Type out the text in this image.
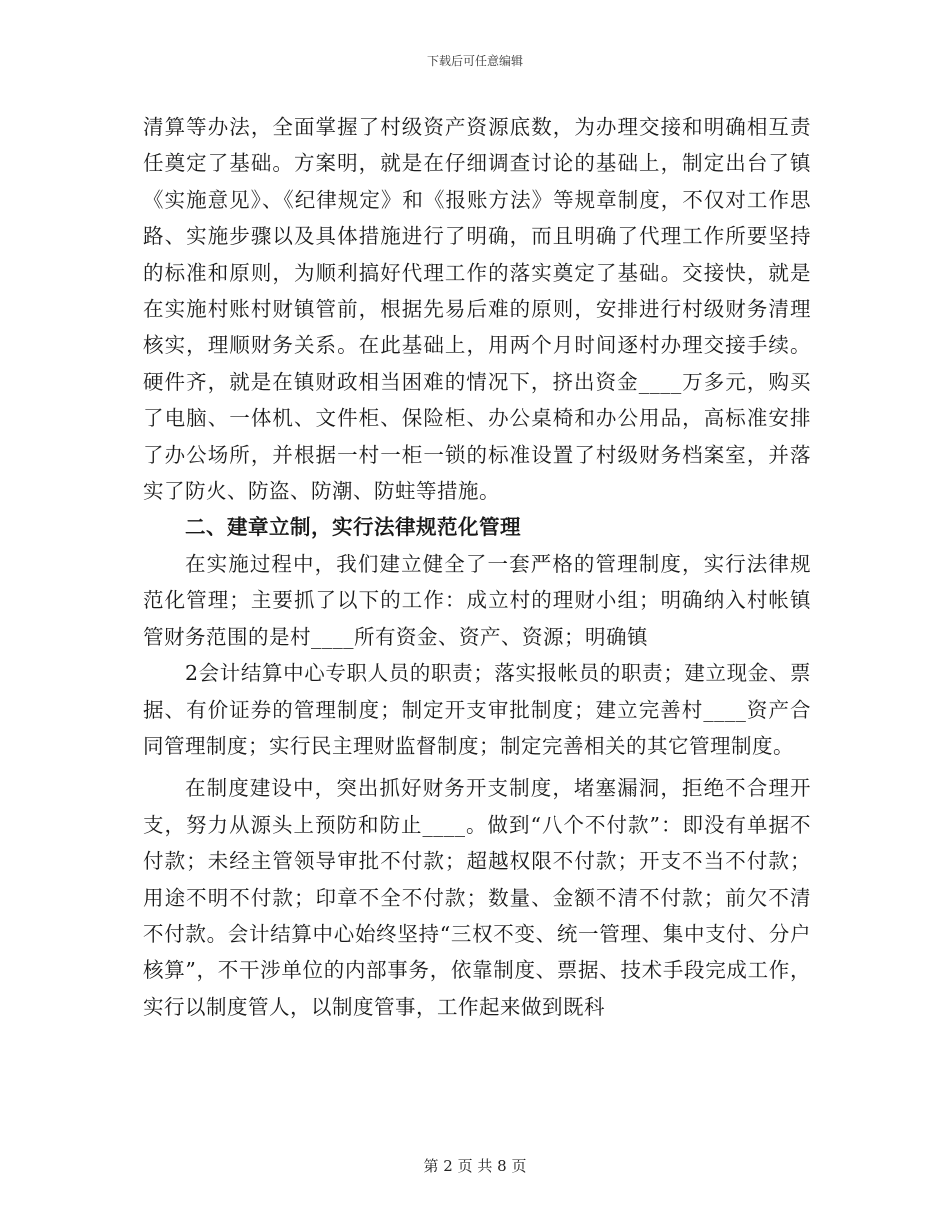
下载后可任意编辑

清算等办法，全面掌握了村级资产资源底数，为办理交接和明确相互责任奠定了基础。方案明，就是在仔细调查讨论的基础上，制定出台了镇《实施意见》、《纪律规定》和《报账方法》等规章制度，不仅对工作思路、实施步骤以及具体措施进行了明确，而且明确了代理工作所要坚持的标准和原则，为顺利搞好代理工作的落实奠定了基础。交接快，就是在实施村账村财镇管前，根据先易后难的原则，安排进行村级财务清理核实，理顺财务关系。在此基础上，用两个月时间逐村办理交接手续。硬件齐，就是在镇财政相当困难的情况下，挤出资金____万多元，购买了电脑、一体机、文件柜、保险柜、办公桌椅和办公用品，高标准安排了办公场所，并根据一村一柜一锁的标准设置了村级财务档案室，并落实了防火、防盗、防潮、防蛀等措施。

二、建章立制，实行法律规范化管理

在实施过程中，我们建立健全了一套严格的管理制度，实行法律规范化管理；主要抓了以下的工作：成立村的理财小组；明确纳入村帐镇管财务范围的是村____所有资金、资产、资源；明确镇

2会计结算中心专职人员的职责；落实报帐员的职责；建立现金、票据、有价证券的管理制度；制定开支审批制度；建立完善村____资产合同管理制度；实行民主理财监督制度；制定完善相关的其它管理制度。

在制度建设中，突出抓好财务开支制度，堵塞漏洞，拒绝不合理开支，努力从源头上预防和防止____。做到“八个不付款”：即没有单据不付款；未经主管领导审批不付款；超越权限不付款；开支不当不付款；用途不明不付款；印章不全不付款；数量、金额不清不付款；前欠不清不付款。会计结算中心始终坚持“三权不变、统一管理、集中支付、分户核算”，不干涉单位的内部事务，依靠制度、票据、技术手段完成工作，实行以制度管人，以制度管事，工作起来做到既科

第 2 页 共 8 页
